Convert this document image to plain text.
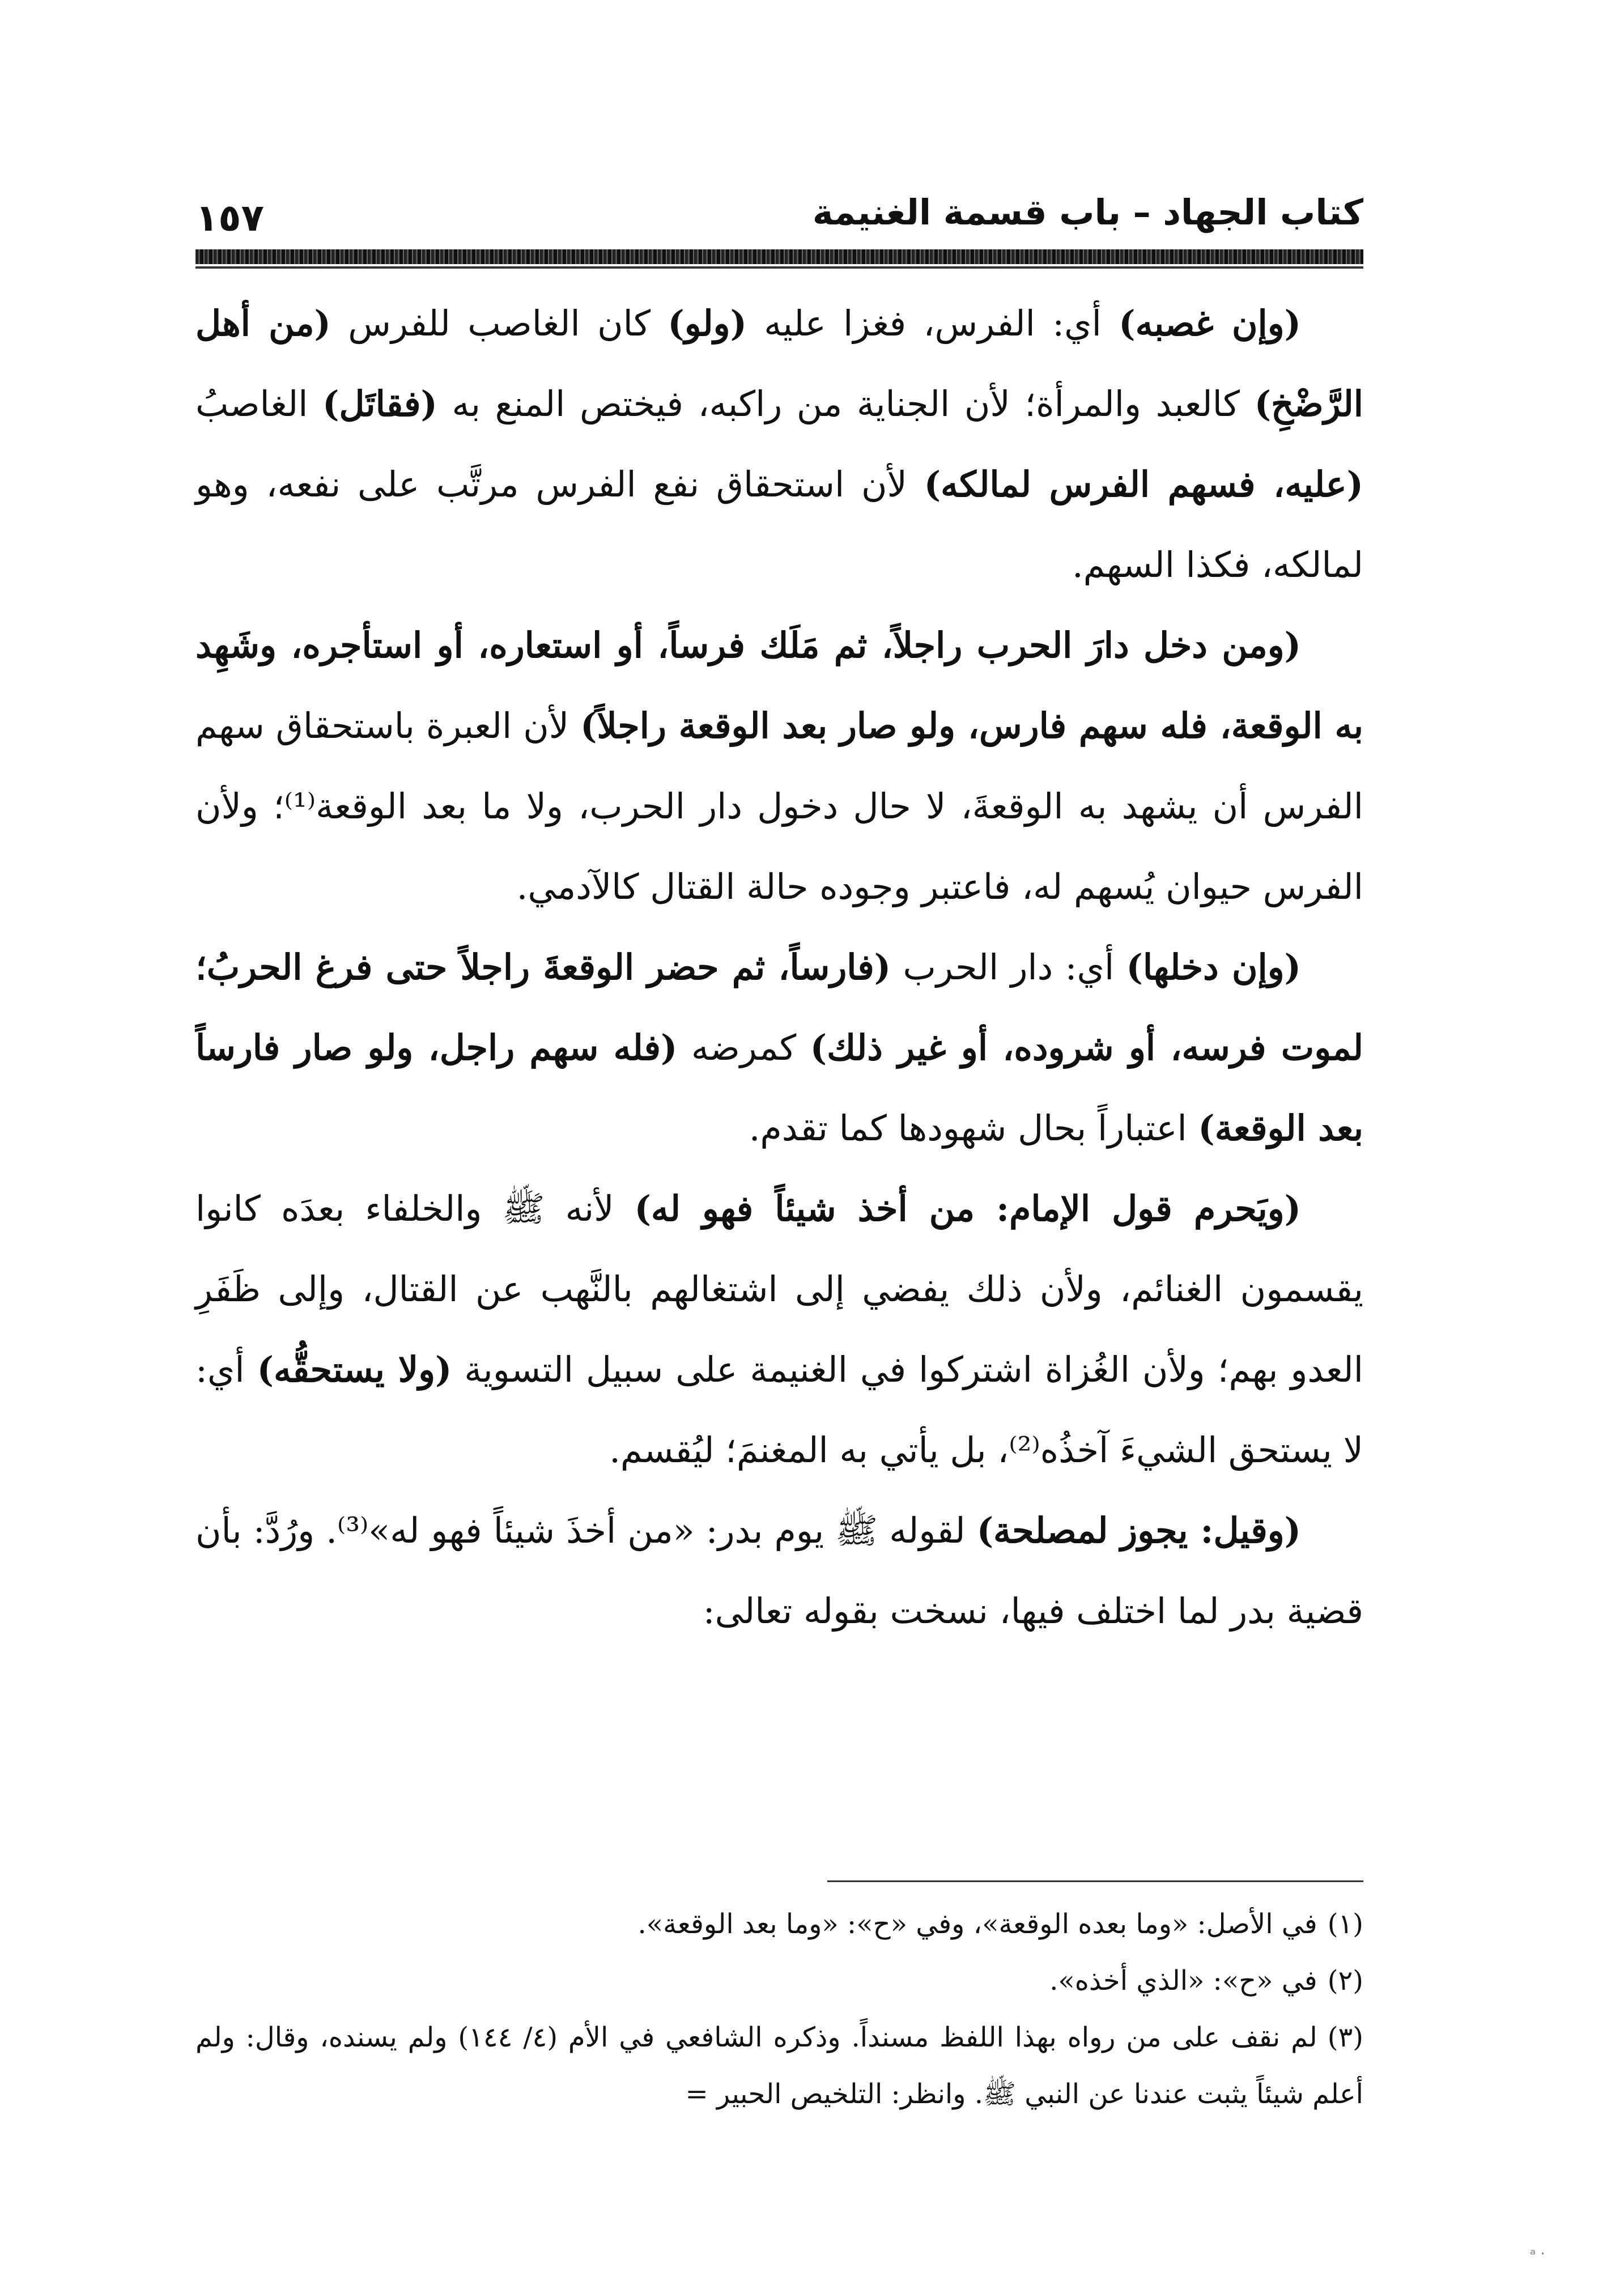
كتاب الجهاد – باب قسمة الغنيمة
١٥٧

(وإن غصبه) أي: الفرس، فغزا عليه (ولو) كان الغاصب للفرس (من أهل الرَّضْخِ) كالعبد والمرأة؛ لأن الجناية من راكبه، فيختص المنع به (فقاتَل) الغاصبُ (عليه، فسهم الفرس لمالكه) لأن استحقاق نفع الفرس مرتَّب على نفعه، وهو لمالكه، فكذا السهم.

(ومن دخل دارَ الحرب راجلاً، ثم مَلَك فرساً، أو استعاره، أو استأجره، وشَهِد به الوقعة، فله سهم فارس، ولو صار بعد الوقعة راجلاً) لأن العبرة باستحقاق سهم الفرس أن يشهد به الوقعةَ، لا حال دخول دار الحرب، ولا ما بعد الوقعة⁽¹⁾؛ ولأن الفرس حيوان يُسهم له، فاعتبر وجوده حالة القتال كالآدمي.

(وإن دخلها) أي: دار الحرب (فارساً، ثم حضر الوقعةَ راجلاً حتى فرغ الحربُ؛ لموت فرسه، أو شروده، أو غير ذلك) كمرضه (فله سهم راجل، ولو صار فارساً بعد الوقعة) اعتباراً بحال شهودها كما تقدم.

(ويَحرم قول الإمام: من أخذ شيئاً فهو له) لأنه ﷺ والخلفاء بعدَه كانوا يقسمون الغنائم، ولأن ذلك يفضي إلى اشتغالهم بالنَّهب عن القتال، وإلى ظَفَرِ العدو بهم؛ ولأن الغُزاة اشتركوا في الغنيمة على سبيل التسوية (ولا يستحقُّه) أي: لا يستحق الشيءَ آخذُه⁽²⁾، بل يأتي به المغنمَ؛ ليُقسم.

(وقيل: يجوز لمصلحة) لقوله ﷺ يوم بدر: «من أخذَ شيئاً فهو له»⁽³⁾. ورُدَّ: بأن قضية بدر لما اختلف فيها، نسخت بقوله تعالى:

(١)في الأصل: «وما بعده الوقعة»، وفي «ح»: «وما بعد الوقعة».

(٢)في «ح»: «الذي أخذه».

(٣)لم نقف على من رواه بهذا اللفظ مسنداً. وذكره الشافعي في الأم (٤/ ١٤٤) ولم يسنده، وقال: ولم أعلم شيئاً يثبت عندنا عن النبي ﷺ. وانظر: التلخيص الحبير =

ₐ .
